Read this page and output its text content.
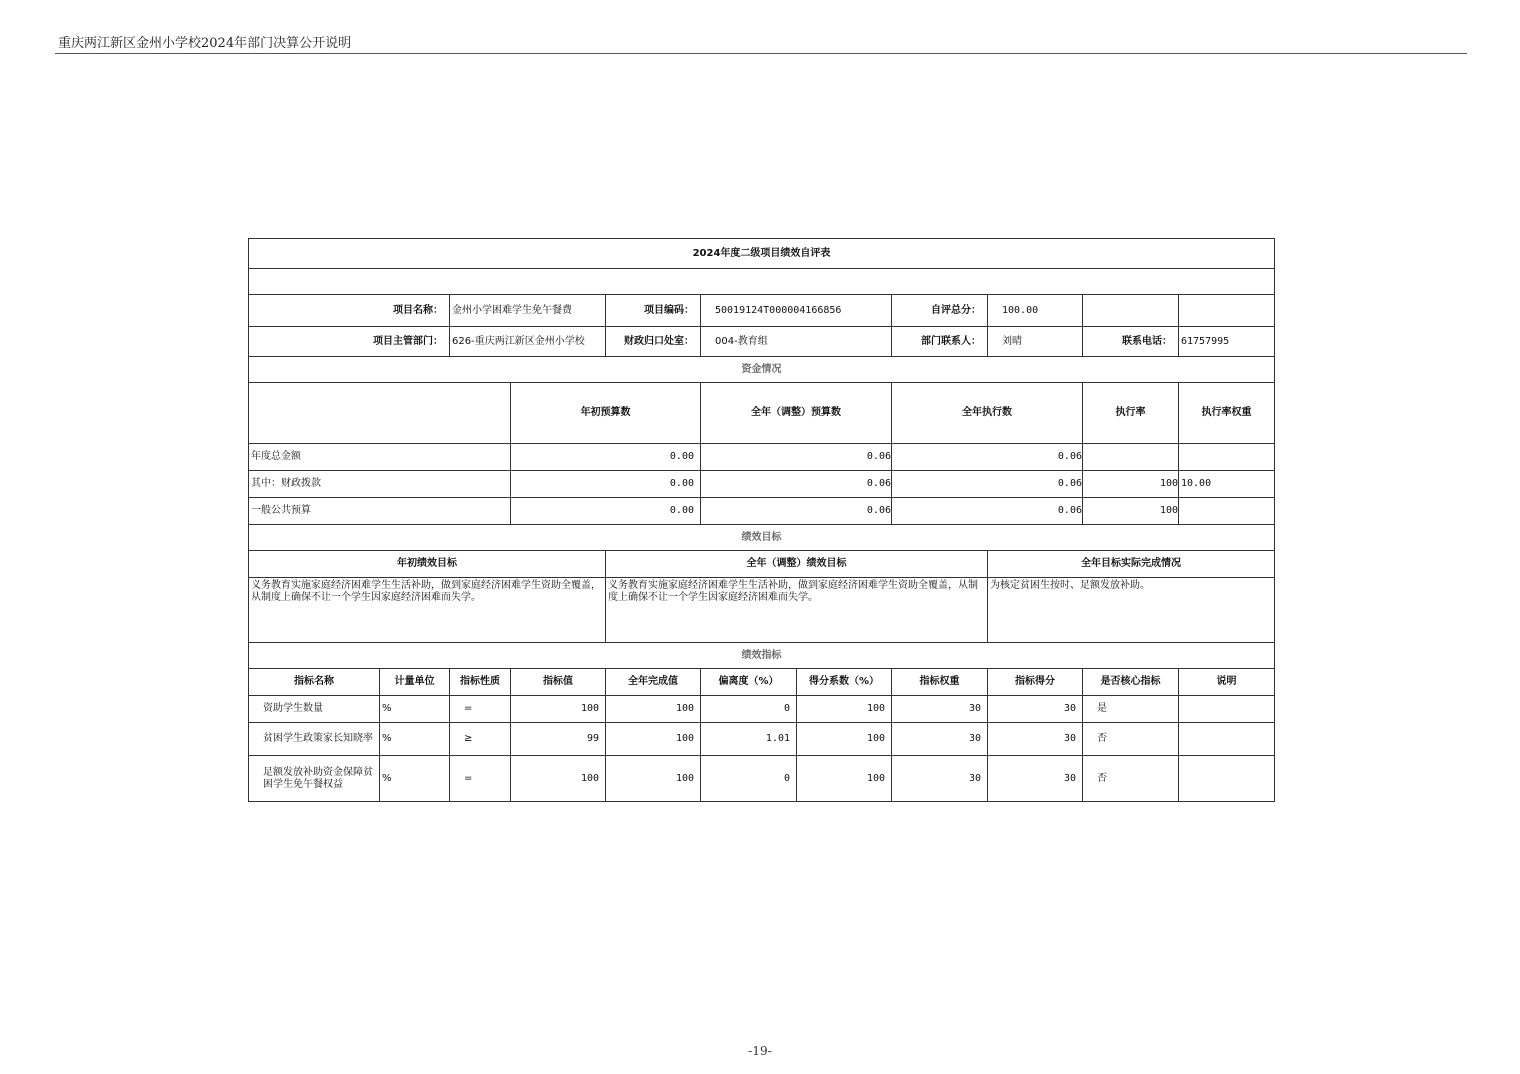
重庆两江新区金州小学校2024年部门决算公开说明
2024年度二级项目绩效自评表											

项目名称：		金州小学困难学生免午餐费		项目编码：	50019124T000004166856		自评总分：	100.00			
项目主管部门：		626-重庆两江新区金州小学校		财政归口处室：	004-教育组		部门联系人：	刘晴	联系电话：	61757995	
资金情况											
			年初预算数		全年（调整）预算数		全年执行数		执行率	执行率权重	
年度总金额			0.00		0.06		0.06				
其中：财政拨款			0.00		0.06		0.06		100	10.00	
一般公共预算			0.00		0.06		0.06		100		
绩效目标											
年初绩效目标				全年（调整）绩效目标				全年目标实际完成情况			
义务教育实施家庭经济困难学生生活补助，做到家庭经济困难学生资助全覆盖，从制度上确保不让一个学生因家庭经济困难而失学。				义务教育实施家庭经济困难学生生活补助，做到家庭经济困难学生资助全覆盖，从制度上确保不让一个学生因家庭经济困难而失学。				为核定贫困生按时、足额发放补助。			
绩效指标											
指标名称	计量单位	指标性质	指标值	全年完成值	偏离度（%）	得分系数（%）	指标权重	指标得分	是否核心指标	说明	
资助学生数量	%	=	100	100	0	100	30	30	是		
贫困学生政策家长知晓率	%	≥	99	100	1.01	100	30	30	否		
足额发放补助资金保障贫困学生免午餐权益	%	=	100	100	0	100	30	30	否		
-19-
